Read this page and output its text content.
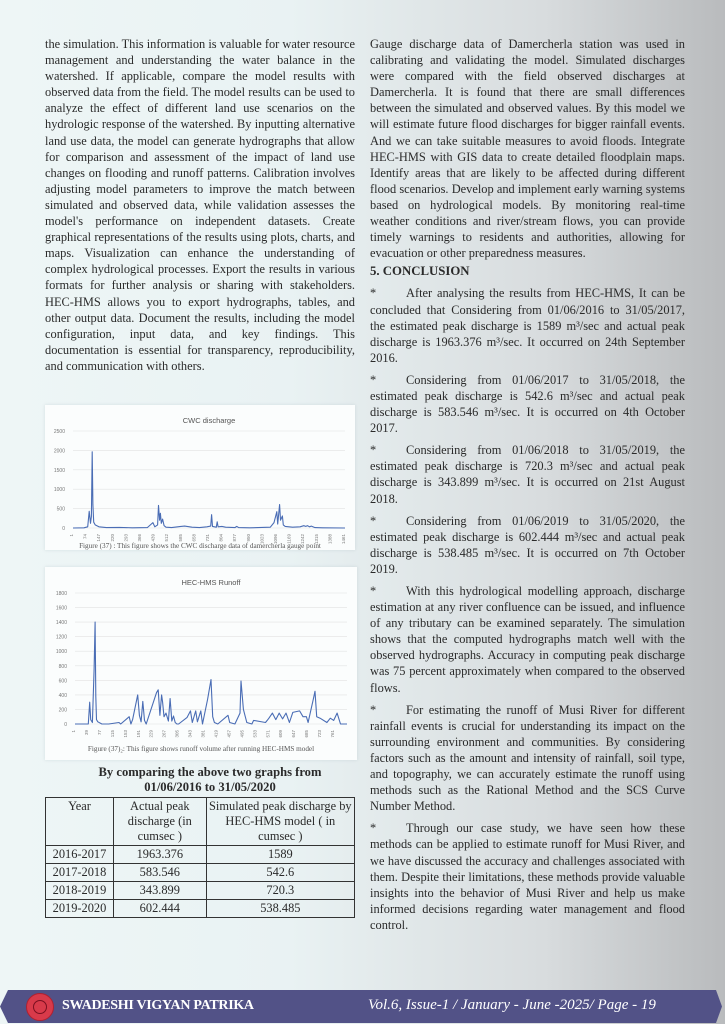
the simulation. This information is valuable for water resource management and understanding the water balance in the watershed. If applicable, compare the model results with observed data from the field. The model results can be used to analyze the effect of different land use scenarios on the hydrologic response of the watershed. By inputting alternative land use data, the model can generate hydrographs that allow for comparison and assessment of the impact of land use changes on flooding and runoff patterns. Calibration involves adjusting model parameters to improve the match between simulated and observed data, while validation assesses the model's performance on independent datasets. Create graphical representations of the results using plots, charts, and maps. Visualization can enhance the understanding of complex hydrological processes. Export the results in various formats for further analysis or sharing with stakeholders. HEC-HMS allows you to export hydrographs, tables, and other output data. Document the results, including the model configuration, input data, and key findings. This documentation is essential for transparency, reproducibility, and communication with others.

CWC discharge
0
500
1000
1500
2000
2500
1 74 147 220 293 366 439 512 585 658 731 804 877 950 1023 1096 1169 1242 1315 1388 1461
Figure (37) : This figure shows the CWC discharge data of damercherla gauge point
HEC-HMS Runoff
0
200
400
600
800
1000
1200
1400
1600
1800
1 39 77 115 153 191 229 267 305 343 381 419 457 495 533 571 609 647 685 723 761
Figure (37)₂: This figure shows runoff volume after running HEC-HMS model
By comparing the above two graphs from
01/06/2016 to 31/05/2020
Year	Actual peak discharge (in cumsec )	Simulated peak discharge by HEC-HMS model ( in cumsec )
2016-2017	1963.376	1589
2017-2018	583.546	542.6
2018-2019	343.899	720.3
2019-2020	602.444	538.485

Gauge discharge data of Damercherla station was used in calibrating and validating the model. Simulated discharges were compared with the field observed discharges at Damercherla. It is found that there are small differences between the simulated and observed values. By this model we will estimate future flood discharges for bigger rainfall events. And we can take suitable measures to avoid floods. Integrate HEC-HMS with GIS data to create detailed floodplain maps. Identify areas that are likely to be affected during different flood scenarios. Develop and implement early warning systems based on hydrological models. By monitoring real-time weather conditions and river/stream flows, you can provide timely warnings to residents and authorities, allowing for evacuation or other preparedness measures.

5. CONCLUSION

* After analysing the results from HEC-HMS, It can be concluded that Considering from 01/06/2016 to 31/05/2017, the estimated peak discharge is 1589 m³/sec and actual peak discharge is 1963.376 m³/sec. It occurred on 24th September 2016.

* Considering from 01/06/2017 to 31/05/2018, the estimated peak discharge is 542.6 m³/sec and actual peak discharge is 583.546 m³/sec. It is occurred on 4th October 2017.

* Considering from 01/06/2018 to 31/05/2019, the estimated peak discharge is 720.3 m³/sec and actual peak discharge is 343.899 m³/sec. It is occurred on 21st August 2018.

* Considering from 01/06/2019 to 31/05/2020, the estimated peak discharge is 602.444 m³/sec and actual peak discharge is 538.485 m³/sec. It is occurred on 7th October 2019.

* With this hydrological modelling approach, discharge estimation at any river confluence can be issued, and influence of any tributary can be examined separately. The simulation shows that the computed hydrographs match well with the observed hydrographs. Accuracy in computing peak discharge was 75 percent approximately when compared to the observed flows.

* For estimating the runoff of Musi River for different rainfall events is crucial for understanding its impact on the surrounding environment and communities. By considering factors such as the amount and intensity of rainfall, soil type, and topography, we can accurately estimate the runoff using methods such as the Rational Method and the SCS Curve Number Method.

* Through our case study, we have seen how these methods can be applied to estimate runoff for Musi River, and we have discussed the accuracy and challenges associated with them. Despite their limitations, these methods provide valuable insights into the behavior of Musi River and help us make informed decisions regarding water management and flood control.

SWADESHI VIGYAN PATRIKA	Vol.6, Issue-1 / January - June -2025/ Page - 19
